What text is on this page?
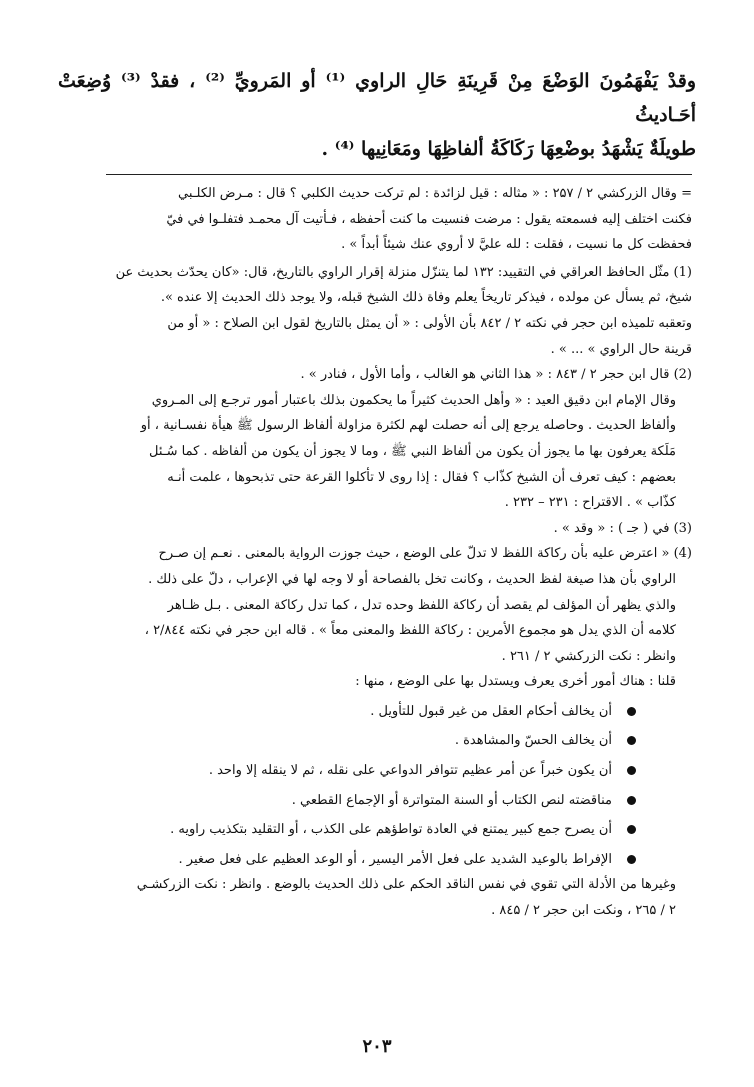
وقدْ يَفْهَمُونَ الوَضْعَ مِنْ قَرِينَةِ حَالِ الراوي ⁽¹⁾ أو المَرويِّ ⁽²⁾ ، فقدْ ⁽³⁾ وُضِعَتْ أحَـاديثُ

طويلَةٌ يَشْهَدُ بوضْعِهَا رَكَاكَةُ ألفاظِهَا ومَعَانِيها ⁽⁴⁾ .

= وقال الزركشي ۲ / ۲۵۷ : « مثاله : قيل لزائدة : لم تركت حديث الكلبي ؟ قال : مـرض الكلـبي

فكنت اختلف إليه فسمعته يقول : مرضت فنسيت ما كنت أحفظه ، فـأتيت آل محمـد فتفلـوا في فيّ

فحفظت كل ما نسيت ، فقلت : لله عليَّ لا أروي عنك شيئاً أبداً » .

(1) مثّل الحافظ العراقي في التقييد: ۱۳۲ لما يتنزّل منزلة إقرار الراوي بالتاريخ، قال: «كان يحدّث بحديث عن

شيخ، ثم يسأل عن مولده ، فيذكر تاريخاً يعلم وفاة ذلك الشيخ قبله، ولا يوجد ذلك الحديث إلا عنده ».

وتعقبه تلميذه ابن حجر في نكته ۲ / ۸٤۲ بأن الأولى : « أن يمثل بالتاريخ لقول ابن الصلاح : « أو من

قرينة حال الراوي » ... » .

(2) قال ابن حجر ۲ / ۸٤۳ : « هذا الثاني هو الغالب ، وأما الأول ، فنادر » .

وقال الإمام ابن دقيق العيد : « وأهل الحديث كثيراً ما يحكمون بذلك باعتبار أمور ترجـع إلى المـروي

وألفاظ الحديث . وحاصله يرجع إلى أنه حصلت لهم لكثرة مزاولة ألفاظ الرسول ﷺ هيأة نفسـانية ، أو

مَلَكة يعرفون بها ما يجوز أن يكون من ألفاظ النبي ﷺ ، وما لا يجوز أن يكون من ألفاظه . كما سُـئل

بعضهم : كيف تعرف أن الشيخ كذّاب ؟ فقال : إذا روى لا تأكلوا القرعة حتى تذبحوها ، علمت أنـه

كذّاب » . الاقتراح : ۲۳۱ – ۲۳۲ .

(3) في ( جـ ) : « وقد » .

(4) « اعترض عليه بأن ركاكة اللفظ لا تدلّ على الوضع ، حيث جوزت الرواية بالمعنى . نعـم إن صـرح

الراوي بأن هذا صيغة لفظ الحديث ، وكانت تخل بالفصاحة أو لا وجه لها في الإعراب ، دلّ على ذلك .

والذي يظهر أن المؤلف لم يقصد أن ركاكة اللفظ وحده تدل ، كما تدل ركاكة المعنى . بـل ظـاهر

كلامه أن الذي يدل هو مجموع الأمرين : ركاكة اللفظ والمعنى معاً » . قاله ابن حجر في نكته ۲/۸٤٤ ،

وانظر : نكت الزركشي ۲ / ۲٦۱ .

قلنا : هناك أمور أخرى يعرف ويستدل بها على الوضع ، منها :

أن يخالف أحكام العقل من غير قبول للتأويل .
أن يخالف الحسّ والمشاهدة .
أن يكون خبراً عن أمر عظيم تتوافر الدواعي على نقله ، ثم لا ينقله إلا واحد .
مناقضته لنص الكتاب أو السنة المتواترة أو الإجماع القطعي .
أن يصرح جمع كبير يمتنع في العادة تواطؤهم على الكذب ، أو التقليد بتكذيب راويه .
الإفراط بالوعيد الشديد على فعل الأمر اليسير ، أو الوعد العظيم على فعل صغير .

وغيرها من الأدلة التي تقوي في نفس الناقد الحكم على ذلك الحديث بالوضع . وانظر : نكت الزركشـي

۲ / ۲٦۵ ، ونكت ابن حجر ۲ / ۸٤۵ .

۲۰۳
